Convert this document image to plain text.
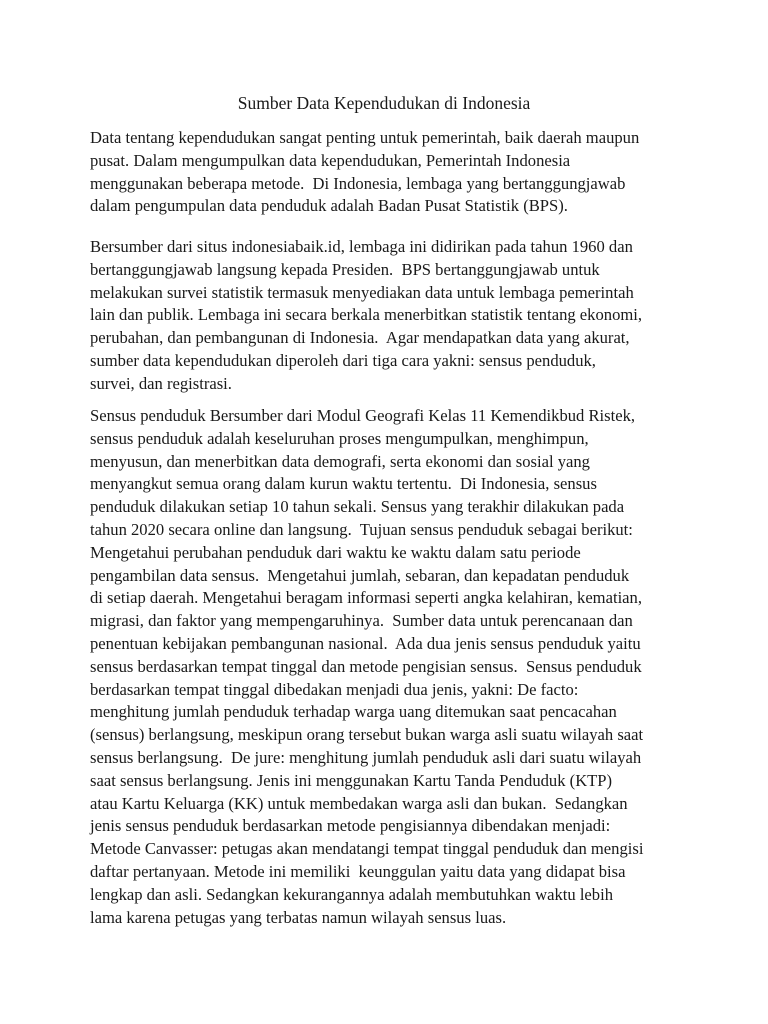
Sumber Data Kependudukan di Indonesia

Data tentang kependudukan sangat penting untuk pemerintah, baik daerah maupun
pusat. Dalam mengumpulkan data kependudukan, Pemerintah Indonesia
menggunakan beberapa metode.  Di Indonesia, lembaga yang bertanggungjawab
dalam pengumpulan data penduduk adalah Badan Pusat Statistik (BPS).

Bersumber dari situs indonesiabaik.id, lembaga ini didirikan pada tahun 1960 dan
bertanggungjawab langsung kepada Presiden.  BPS bertanggungjawab untuk
melakukan survei statistik termasuk menyediakan data untuk lembaga pemerintah
lain dan publik. Lembaga ini secara berkala menerbitkan statistik tentang ekonomi,
perubahan, dan pembangunan di Indonesia.  Agar mendapatkan data yang akurat,
sumber data kependudukan diperoleh dari tiga cara yakni: sensus penduduk,
survei, dan registrasi.

Sensus penduduk Bersumber dari Modul Geografi Kelas 11 Kemendikbud Ristek,
sensus penduduk adalah keseluruhan proses mengumpulkan, menghimpun,
menyusun, dan menerbitkan data demografi, serta ekonomi dan sosial yang
menyangkut semua orang dalam kurun waktu tertentu.  Di Indonesia, sensus
penduduk dilakukan setiap 10 tahun sekali. Sensus yang terakhir dilakukan pada
tahun 2020 secara online dan langsung.  Tujuan sensus penduduk sebagai berikut:
Mengetahui perubahan penduduk dari waktu ke waktu dalam satu periode
pengambilan data sensus.  Mengetahui jumlah, sebaran, dan kepadatan penduduk
di setiap daerah. Mengetahui beragam informasi seperti angka kelahiran, kematian,
migrasi, dan faktor yang mempengaruhinya.  Sumber data untuk perencanaan dan
penentuan kebijakan pembangunan nasional.  Ada dua jenis sensus penduduk yaitu
sensus berdasarkan tempat tinggal dan metode pengisian sensus.  Sensus penduduk
berdasarkan tempat tinggal dibedakan menjadi dua jenis, yakni: De facto:
menghitung jumlah penduduk terhadap warga uang ditemukan saat pencacahan
(sensus) berlangsung, meskipun orang tersebut bukan warga asli suatu wilayah saat
sensus berlangsung.  De jure: menghitung jumlah penduduk asli dari suatu wilayah
saat sensus berlangsung. Jenis ini menggunakan Kartu Tanda Penduduk (KTP)
atau Kartu Keluarga (KK) untuk membedakan warga asli dan bukan.  Sedangkan
jenis sensus penduduk berdasarkan metode pengisiannya dibendakan menjadi:
Metode Canvasser: petugas akan mendatangi tempat tinggal penduduk dan mengisi
daftar pertanyaan. Metode ini memiliki  keunggulan yaitu data yang didapat bisa
lengkap dan asli. Sedangkan kekurangannya adalah membutuhkan waktu lebih
lama karena petugas yang terbatas namun wilayah sensus luas.
